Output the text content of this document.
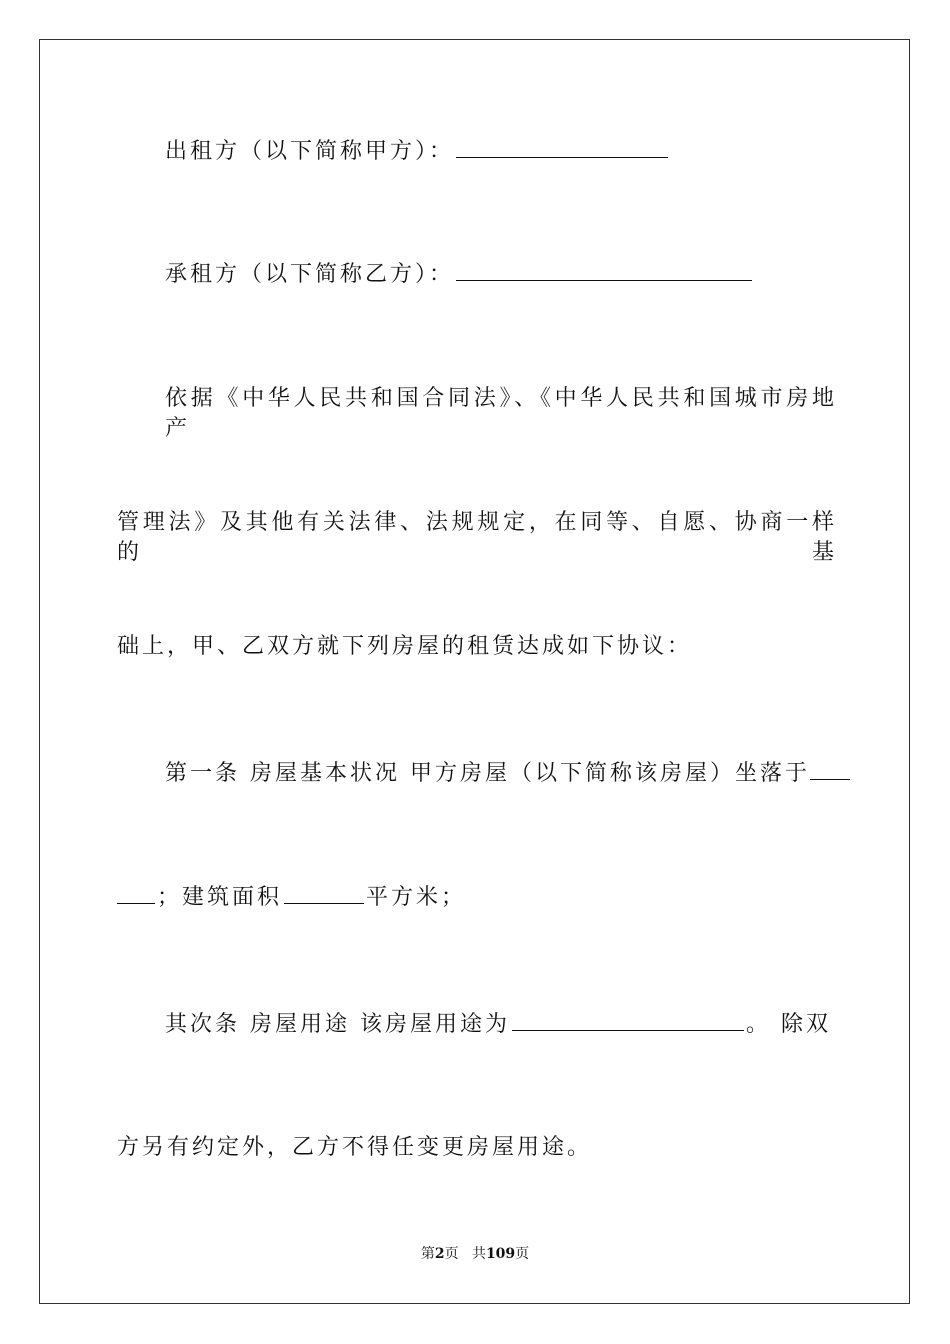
出租方（以下简称甲方）：
承租方（以下简称乙方）：
依据《中华人民共和国合同法》、《中华人民共和国城市房地产
管理法》及其他有关法律、法规规定，在同等、自愿、协商一样的基
础上，甲、乙双方就下列房屋的租赁达成如下协议：
第一条 房屋基本状况 甲方房屋（以下简称该房屋）坐落于
；建筑面积	平方米；
其次条 房屋用途 该房屋用途为	。 除双
方另有约定外，乙方不得任变更房屋用途。
第2页 共109页
